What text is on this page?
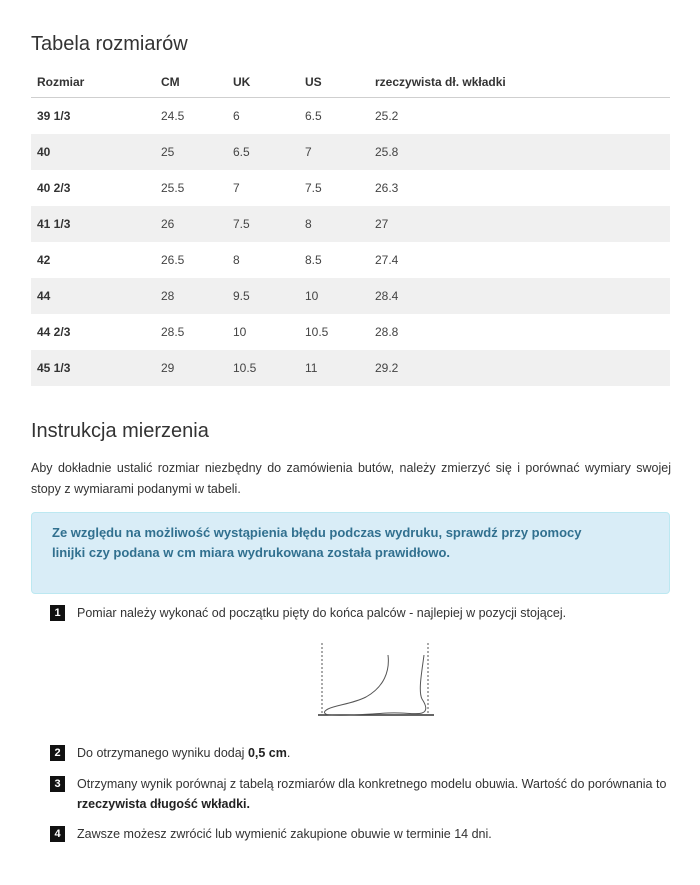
Tabela rozmiarów
Rozmiar	CM	UK	US	rzeczywista dł. wkładki
39 1/3	24.5	6	6.5	25.2
40	25	6.5	7	25.8
40 2/3	25.5	7	7.5	26.3
41 1/3	26	7.5	8	27
42	26.5	8	8.5	27.4
44	28	9.5	10	28.4
44 2/3	28.5	10	10.5	28.8
45 1/3	29	10.5	11	29.2
Instrukcja mierzenia

Aby dokładnie ustalić rozmiar niezbędny do zamówienia butów, należy zmierzyć się i porównać wymiary swojej stopy z wymiarami podanymi w tabeli.

Ze względu na możliwość wystąpienia błędu podczas wydruku, sprawdź przy pomocy
linijki czy podana w cm miara wydrukowana została prawidłowo.
1	Pomiar należy wykonać od początku pięty do końca palców - najlepiej w pozycji stojącej.
2	Do otrzymanego wyniku dodaj 0,5 cm.
3	Otrzymany wynik porównaj z tabelą rozmiarów dla konkretnego modelu obuwia. Wartość do porównania to rzeczywista długość wkładki.
4	Zawsze możesz zwrócić lub wymienić zakupione obuwie w terminie 14 dni.
